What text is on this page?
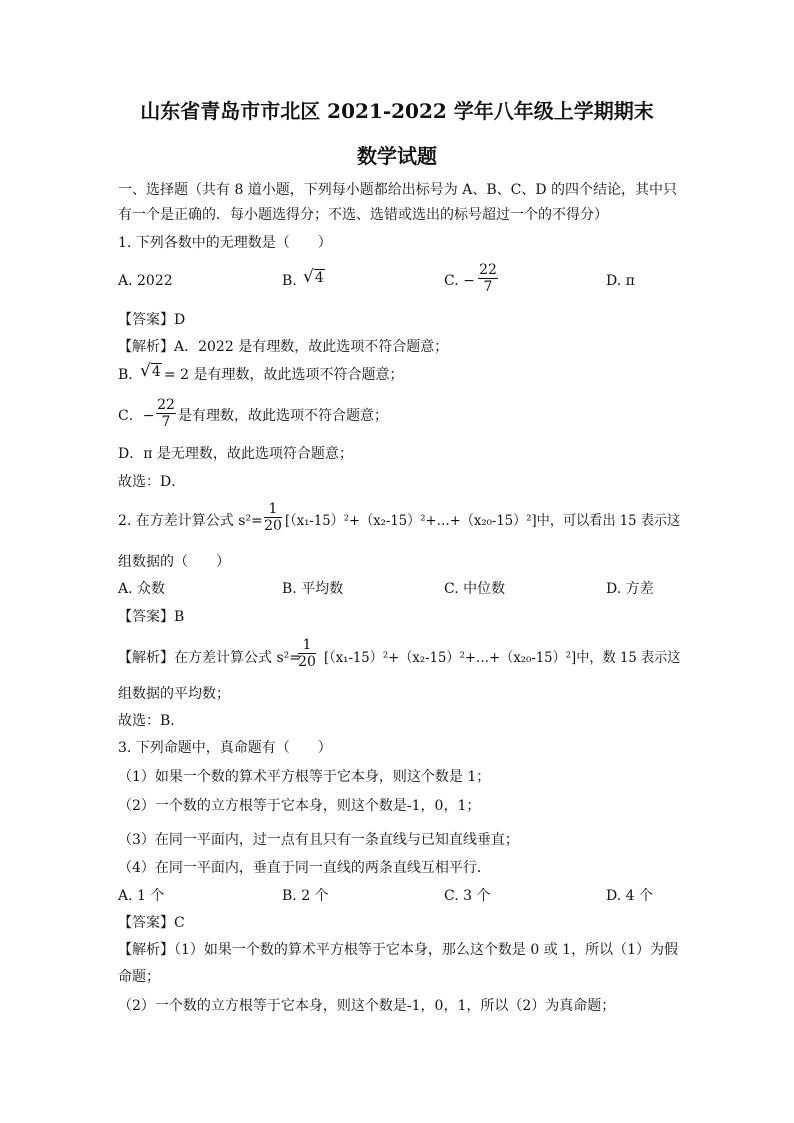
山东省青岛市市北区 2021-2022 学年八年级上学期期末
数学试题
一、选择题（共有 8 道小题，下列每小题都给出标号为 A、B、C、D 的四个结论，其中只
有一个是正确的．每小题选得分；不选、选错或选出的标号超过一个的不得分）
1. 下列各数中的无理数是（　　）
A. 2022	B. √4	C. −
22
7	D. π
【答案】D
【解析】A．2022 是有理数，故此选项不符合题意；
B．
√4 = 2 是有理数，故此选项不符合题意；
C．−
22
7 是有理数，故此选项不符合题意；
D．π 是无理数，故此选项符合题意；
故选：D．
2. 在方差计算公式 s²=
1
20 [（x₁-15）²+（x₂-15）²+…+（x₂₀-15）²]中，可以看出 15 表示这
组数据的（　　）
A. 众数	B. 平均数	C. 中位数	D. 方差
【答案】B
【解析】在方差计算公式 s²=
1
20 [（x₁-15）²+（x₂-15）²+…+（x₂₀-15）²]中，数 15 表示这
组数据的平均数；
故选：B．
3. 下列命题中，真命题有（　　）
（1）如果一个数的算术平方根等于它本身，则这个数是 1；
（2）一个数的立方根等于它本身，则这个数是-1，0，1；
（3）在同一平面内，过一点有且只有一条直线与已知直线垂直；
（4）在同一平面内，垂直于同一直线的两条直线互相平行．
A. 1 个	B. 2 个	C. 3 个	D. 4 个
【答案】C
【解析】（1）如果一个数的算术平方根等于它本身，那么这个数是 0 或 1，所以（1）为假
命题；
（2）一个数的立方根等于它本身，则这个数是-1，0，1，所以（2）为真命题；
